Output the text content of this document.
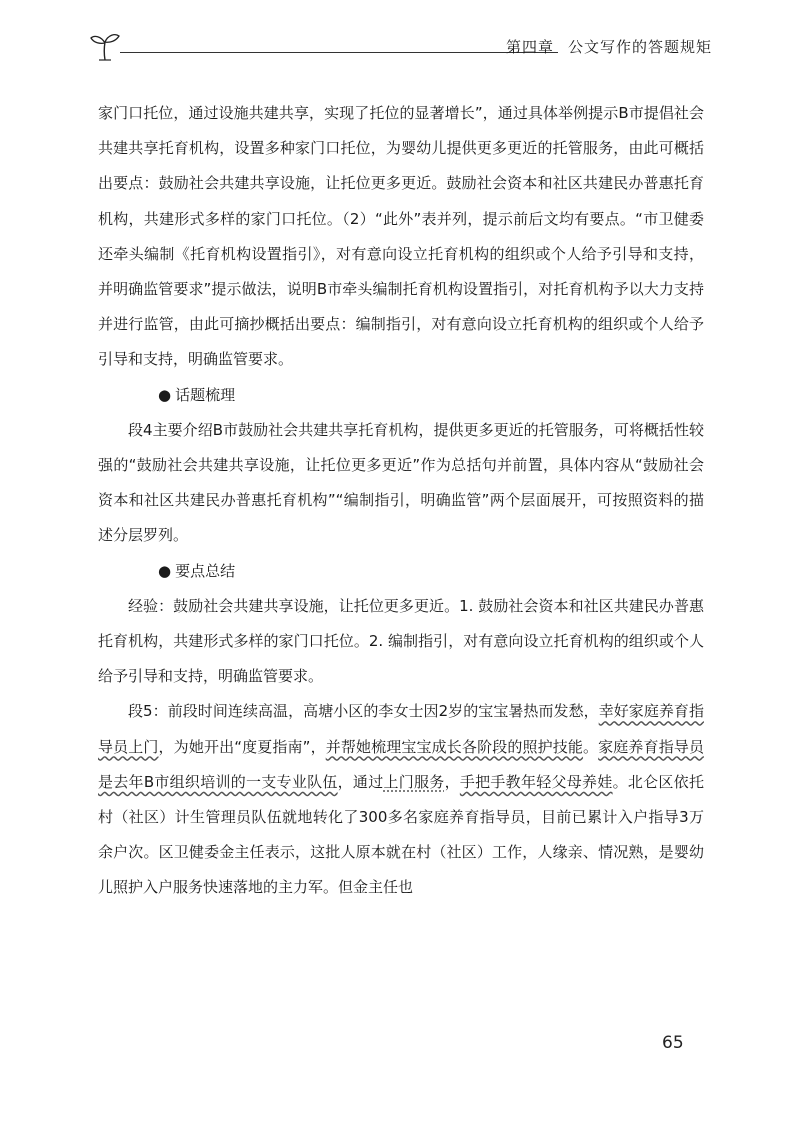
第四章 公文写作的答题规矩

家门口托位，通过设施共建共享，实现了托位的显著增长”，通过具体举例提示B市提倡社会共建共享托育机构，设置多种家门口托位，为婴幼儿提供更多更近的托管服务，由此可概括出要点：鼓励社会共建共享设施，让托位更多更近。鼓励社会资本和社区共建民办普惠托育机构，共建形式多样的家门口托位。（2）“此外”表并列，提示前后文均有要点。“市卫健委还牵头编制《托育机构设置指引》，对有意向设立托育机构的组织或个人给予引导和支持，并明确监管要求”提示做法，说明B市牵头编制托育机构设置指引，对托育机构予以大力支持并进行监管，由此可摘抄概括出要点：编制指引，对有意向设立托育机构的组织或个人给予引导和支持，明确监管要求。

● 话题梳理

段4主要介绍B市鼓励社会共建共享托育机构，提供更多更近的托管服务，可将概括性较强的“鼓励社会共建共享设施，让托位更多更近”作为总括句并前置，具体内容从“鼓励社会资本和社区共建民办普惠托育机构”“编制指引，明确监管”两个层面展开，可按照资料的描述分层罗列。

● 要点总结

经验：鼓励社会共建共享设施，让托位更多更近。1. 鼓励社会资本和社区共建民办普惠托育机构，共建形式多样的家门口托位。2. 编制指引，对有意向设立托育机构的组织或个人给予引导和支持，明确监管要求。

段5：前段时间连续高温，高塘小区的李女士因2岁的宝宝暑热而发愁，幸好家庭养育指导员上门，为她开出“度夏指南”，并帮她梳理宝宝成长各阶段的照护技能。家庭养育指导员是去年B市组织培训的一支专业队伍，通过上门服务，手把手教年轻父母养娃。北仑区依托村（社区）计生管理员队伍就地转化了300多名家庭养育指导员，目前已累计入户指导3万余户次。区卫健委金主任表示，这批人原本就在村（社区）工作，人缘亲、情况熟，是婴幼儿照护入户服务快速落地的主力军。但金主任也

65
